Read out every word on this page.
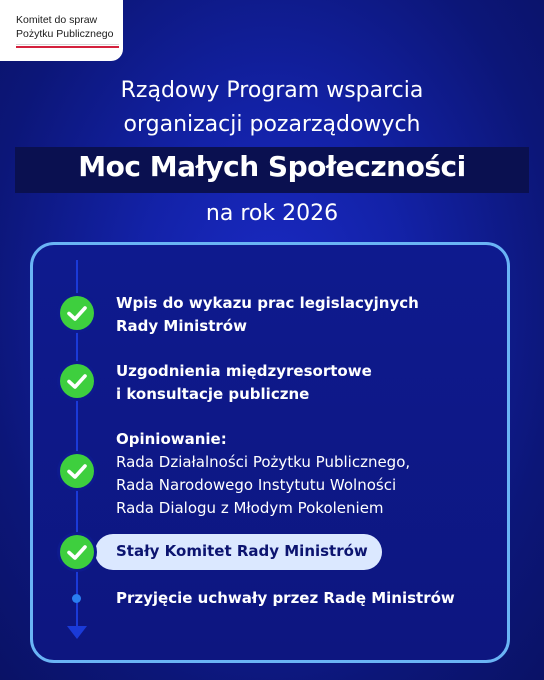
Komitet do spraw
Pożytku Publicznego
Rządowy Program wsparcia
organizacji pozarządowych
Moc Małych Społeczności
na rok 2026
Wpis do wykazu prac legislacyjnych
Rady Ministrów
Uzgodnienia międzyresortowe
i konsultacje publiczne
Opiniowanie:
Rada Działalności Pożytku Publicznego,
Rada Narodowego Instytutu Wolności
Rada Dialogu z Młodym Pokoleniem
Stały Komitet Rady Ministrów
Przyjęcie uchwały przez Radę Ministrów
